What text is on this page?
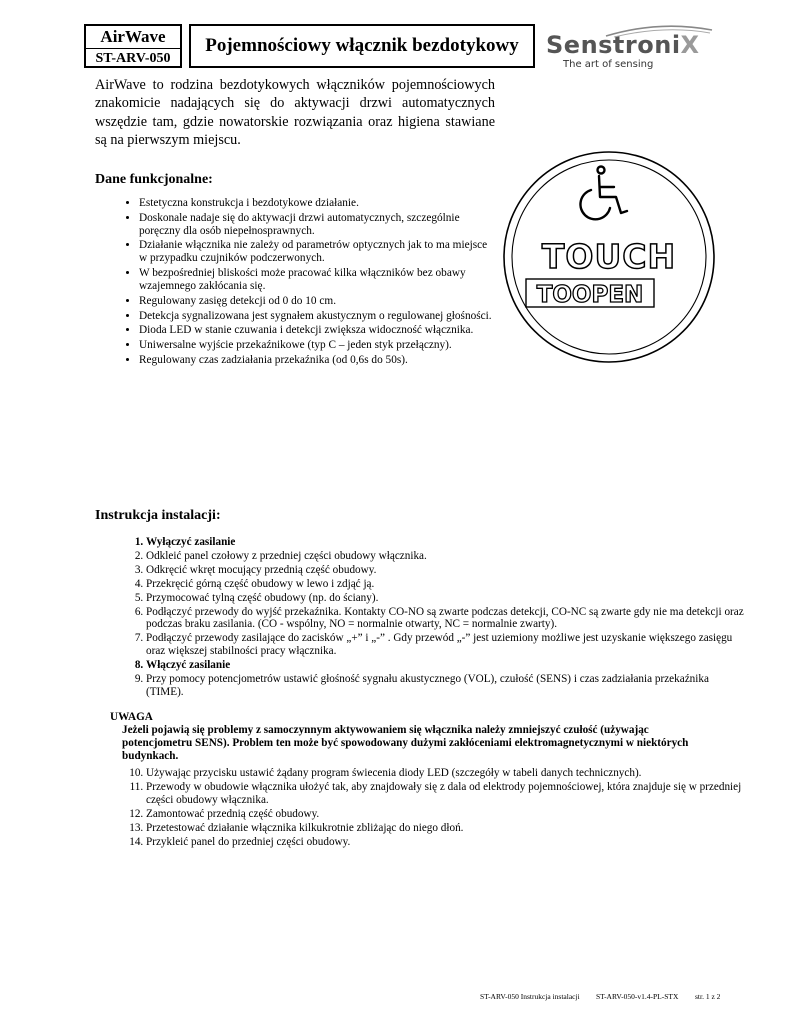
AirWave
ST-ARV-050
Pojemnościowy włącznik bezdotykowy	SenstroniX
The art of sensing

AirWave to rodzina bezdotykowych włączników pojemnościowych znakomicie nadających się do aktywacji drzwi automatycznych wszędzie tam, gdzie nowatorskie rozwiązania oraz higiena stawiane są na pierwszym miejscu.

Dane funkcjonalne:
• Estetyczna konstrukcja i bezdotykowe działanie.
• Doskonale nadaje się do aktywacji drzwi automatycznych, szczególnie poręczny dla osób niepełnosprawnych.
• Działanie włącznika nie zależy od parametrów optycznych jak to ma miejsce w przypadku czujników podczerwonych.
• W bezpośredniej bliskości może pracować kilka włączników bez obawy wzajemnego zakłócania się.
• Regulowany zasięg detekcji od 0 do 10 cm.
• Detekcja sygnalizowana jest sygnałem akustycznym o regulowanej głośności.
• Dioda LED w stanie czuwania i detekcji zwiększa widoczność włącznika.
• Uniwersalne wyjście przekaźnikowe (typ C – jeden styk przełączny).
• Regulowany czas zadziałania przekaźnika (od 0,6s do 50s).
TOUCH
TOOPEN
Instrukcja instalacji:
1. Wyłączyć zasilanie
2. Odkleić panel czołowy z przedniej części obudowy włącznika.
3. Odkręcić wkręt mocujący przednią część obudowy.
4. Przekręcić górną część obudowy w lewo i zdjąć ją.
5. Przymocować tylną część obudowy (np. do ściany).
6. Podłączyć przewody do wyjść przekaźnika. Kontakty CO-NO są zwarte podczas detekcji, CO-NC są zwarte gdy nie ma detekcji oraz podczas braku zasilania. (CO - wspólny, NO = normalnie otwarty, NC = normalnie zwarty).
7. Podłączyć przewody zasilające do zacisków „+” i „-” . Gdy przewód „-” jest uziemiony możliwe jest uzyskanie większego zasięgu oraz większej stabilności pracy włącznika.
8. Włączyć zasilanie
9. Przy pomocy potencjometrów ustawić głośność sygnału akustycznego (VOL), czułość (SENS) i czas zadziałania przekaźnika (TIME).
UWAGA

Jeżeli pojawią się problemy z samoczynnym aktywowaniem się włącznika należy zmniejszyć czułość (używając potencjometru SENS). Problem ten może być spowodowany dużymi zakłóceniami elektromagnetycznymi w niektórych budynkach.

10. Używając przycisku ustawić żądany program świecenia diody LED (szczegóły w tabeli danych technicznych).
11. Przewody w obudowie włącznika ułożyć tak, aby znajdowały się z dala od elektrody pojemnościowej, która znajduje się w przedniej części obudowy włącznika.
12. Zamontować przednią część obudowy.
13. Przetestować działanie włącznika kilkukrotnie zbliżając do niego dłoń.
14. Przykleić panel do przedniej części obudowy.
ST-ARV-050 Instrukcja instalacji ST-ARV-050-v1.4-PL-STX str. 1 z 2
